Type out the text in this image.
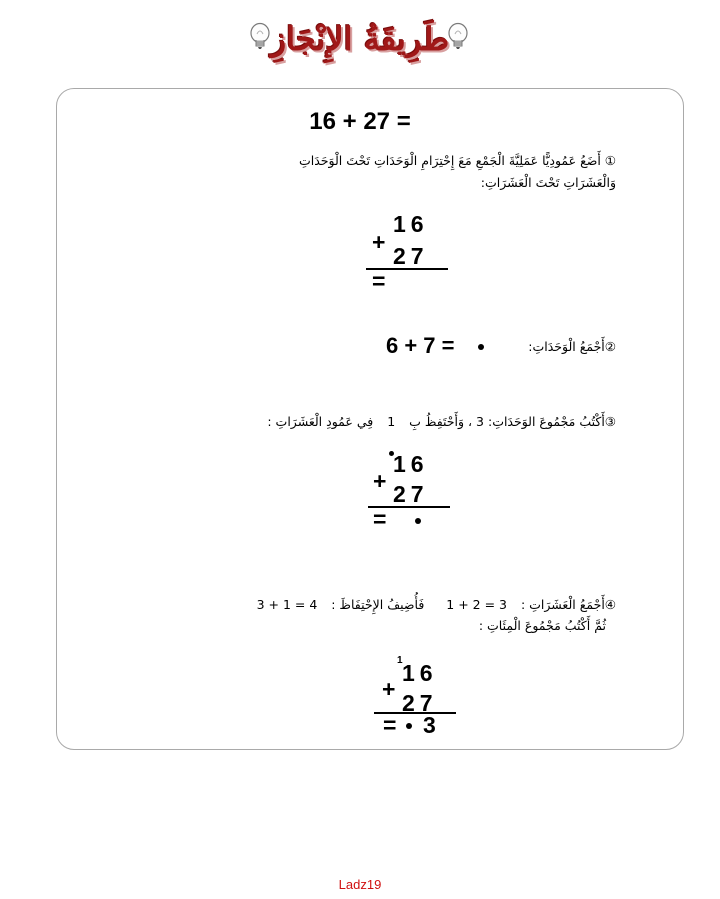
طَرِيقَةُ الإِنْجَازِ
16 + 27 =
① أَضَعُ عَمُودِيًّا عَمَلِيَّةَ الْجَمْعِ مَعَ إِحْتِرَامِ الْوَحَدَاتِ تَحْتَ الْوَحَدَاتِ
وَالْعَشَرَاتِ تَحْتَ الْعَشَرَاتِ:
16
+
27
=
②أَجْمَعُ الْوَحَدَاتِ:
6 + 7 =
③أَكْتُبُ مَجْمُوعَ الوَحَدَاتِ: 3 ، وَأَحْتَفِظُ بِ  1  فِي عَمُودِ الْعَشَرَاتِ :
16
+ 27
=
④أَجْمَعُ الْعَشَرَاتِ :  1 + 2 = 3  فَأُضِيفُ الإِحْتِفَاظَ :  3 + 1 = 4
ثُمَّ أَكْتُبُ مَجْمُوعَ الْمِئَاتِ :
1 16
+
27
= 3
Ladz19
